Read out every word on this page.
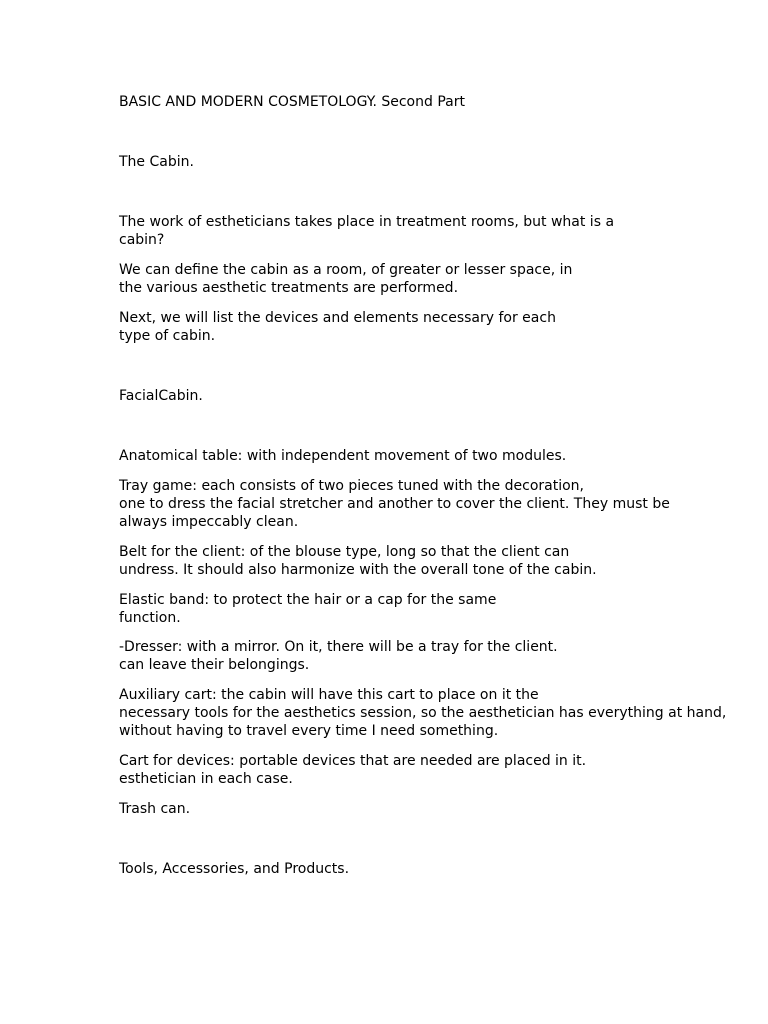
BASIC AND MODERN COSMETOLOGY. Second Part

The Cabin.

The work of estheticians takes place in treatment rooms, but what is a

cabin?

We can define the cabin as a room, of greater or lesser space, in

the various aesthetic treatments are performed.

Next, we will list the devices and elements necessary for each

type of cabin.

FacialCabin.

Anatomical table: with independent movement of two modules.

Tray game: each consists of two pieces tuned with the decoration,

one to dress the facial stretcher and another to cover the client. They must be

always impeccably clean.

Belt for the client: of the blouse type, long so that the client can

undress. It should also harmonize with the overall tone of the cabin.

Elastic band: to protect the hair or a cap for the same

function.

-Dresser: with a mirror. On it, there will be a tray for the client.

can leave their belongings.

Auxiliary cart: the cabin will have this cart to place on it the

necessary tools for the aesthetics session, so the aesthetician has everything at hand,

without having to travel every time I need something.

Cart for devices: portable devices that are needed are placed in it.

esthetician in each case.

Trash can.

Tools, Accessories, and Products.
